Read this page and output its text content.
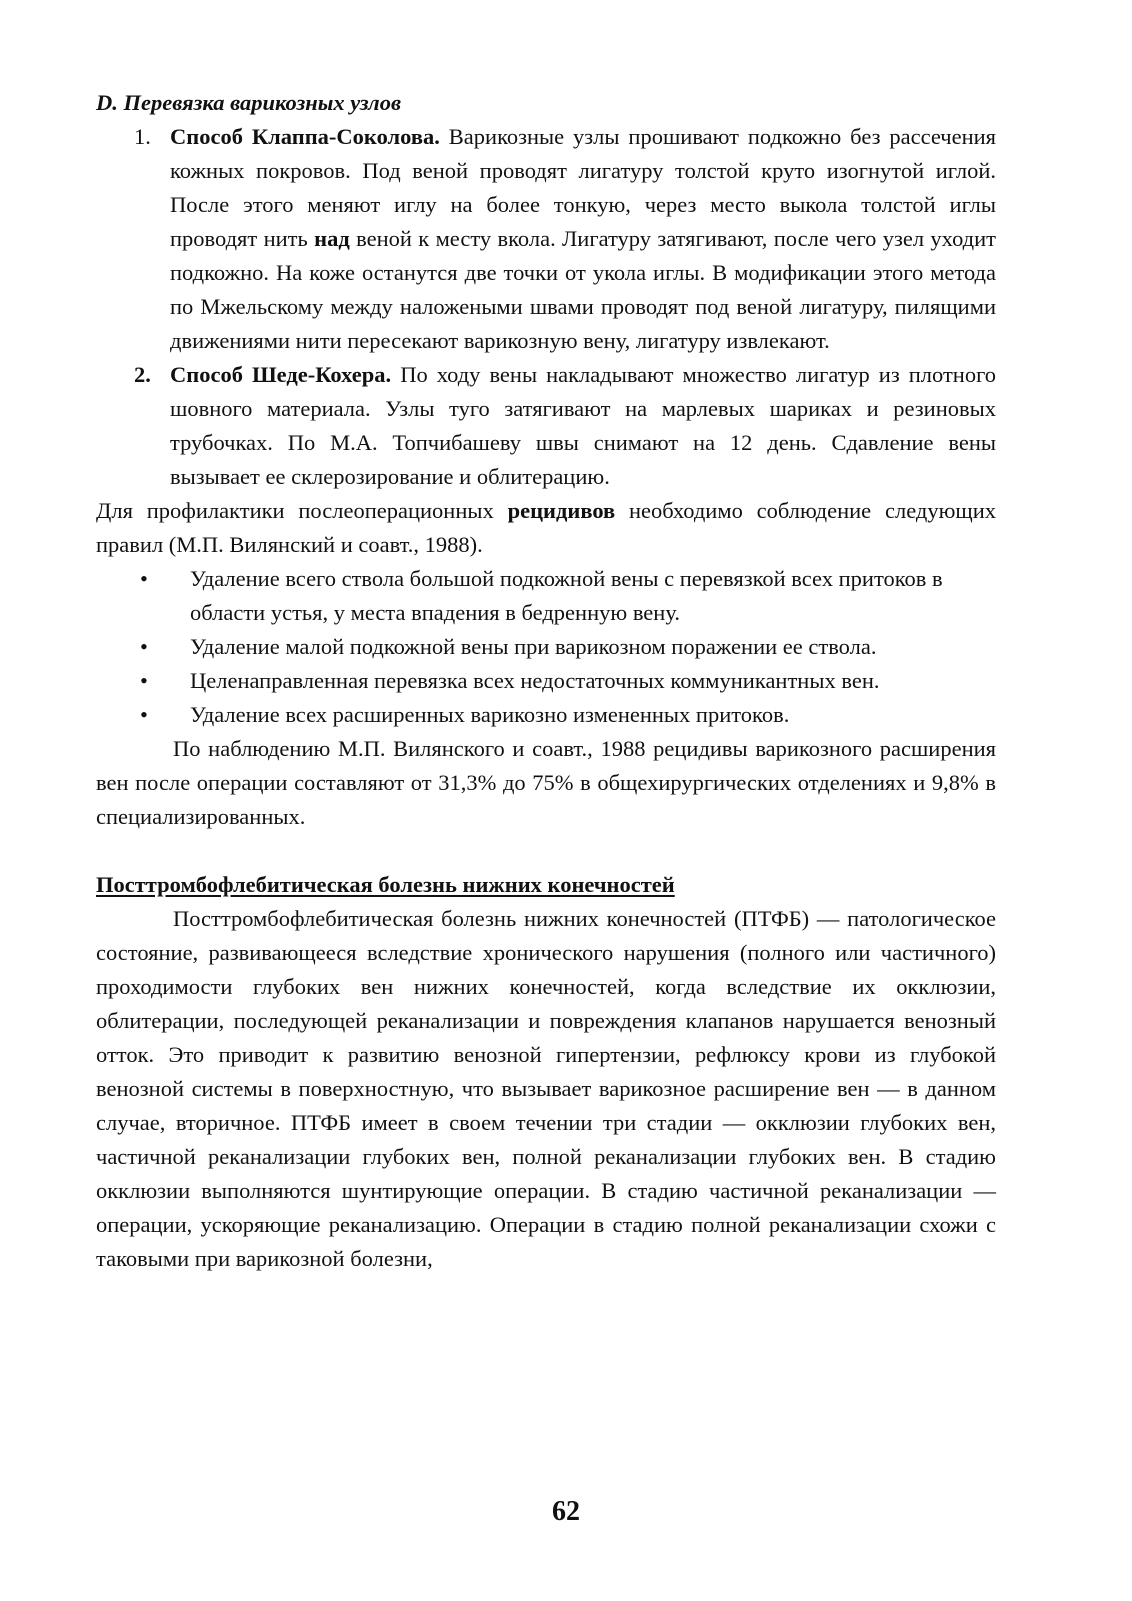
D. Перевязка варикозных узлов

1. Способ Клаппа-Соколова. Варикозные узлы прошивают подкожно без рассечения кожных покровов. Под веной проводят лигатуру толстой круто изогнутой иглой. После этого меняют иглу на более тонкую, через место выкола толстой иглы проводят нить над веной к месту вкола. Лигатуру затягивают, после чего узел уходит подкожно. На коже останутся две точки от укола иглы. В модификации этого метода по Мжельскому между наложеными швами проводят под веной лигатуру, пилящими движениями нити пересекают варикозную вену, лигатуру извлекают.

2. Способ Шеде-Кохера. По ходу вены накладывают множество лигатур из плотного шовного материала. Узлы туго затягивают на марлевых шариках и резиновых трубочках. По М.А. Топчибашеву швы снимают на 12 день. Сдавление вены вызывает ее склерозирование и облитерацию.

Для профилактики послеоперационных рецидивов необходимо соблюдение следующих правил (М.П. Вилянский и соавт., 1988).

• Удаление всего ствола большой подкожной вены с перевязкой всех притоков в области устья, у места впадения в бедренную вену.
• Удаление малой подкожной вены при варикозном поражении ее ствола.
• Целенаправленная перевязка всех недостаточных коммуникантных вен.
• Удаление всех расширенных варикозно измененных притоков.

По наблюдению М.П. Вилянского и соавт., 1988 рецидивы варикозного расширения вен после операции составляют от 31,3% до 75% в общехирургических отделениях и 9,8% в специализированных.

Посттромбофлебитическая болезнь нижних конечностей

Посттромбофлебитическая болезнь нижних конечностей (ПТФБ) — патологическое состояние, развивающееся вследствие хронического нарушения (полного или частичного) проходимости глубоких вен нижних конечностей, когда вследствие их окклюзии, облитерации, последующей реканализации и повреждения клапанов нарушается венозный отток. Это приводит к развитию венозной гипертензии, рефлюксу крови из глубокой венозной системы в поверхностную, что вызывает варикозное расширение вен — в данном случае, вторичное. ПТФБ имеет в своем течении три стадии — окклюзии глубоких вен, частичной реканализации глубоких вен, полной реканализации глубоких вен. В стадию окклюзии выполняются шунтирующие операции. В стадию частичной реканализации — операции, ускоряющие реканализацию. Операции в стадию полной реканализации схожи с таковыми при варикозной болезни,

62
